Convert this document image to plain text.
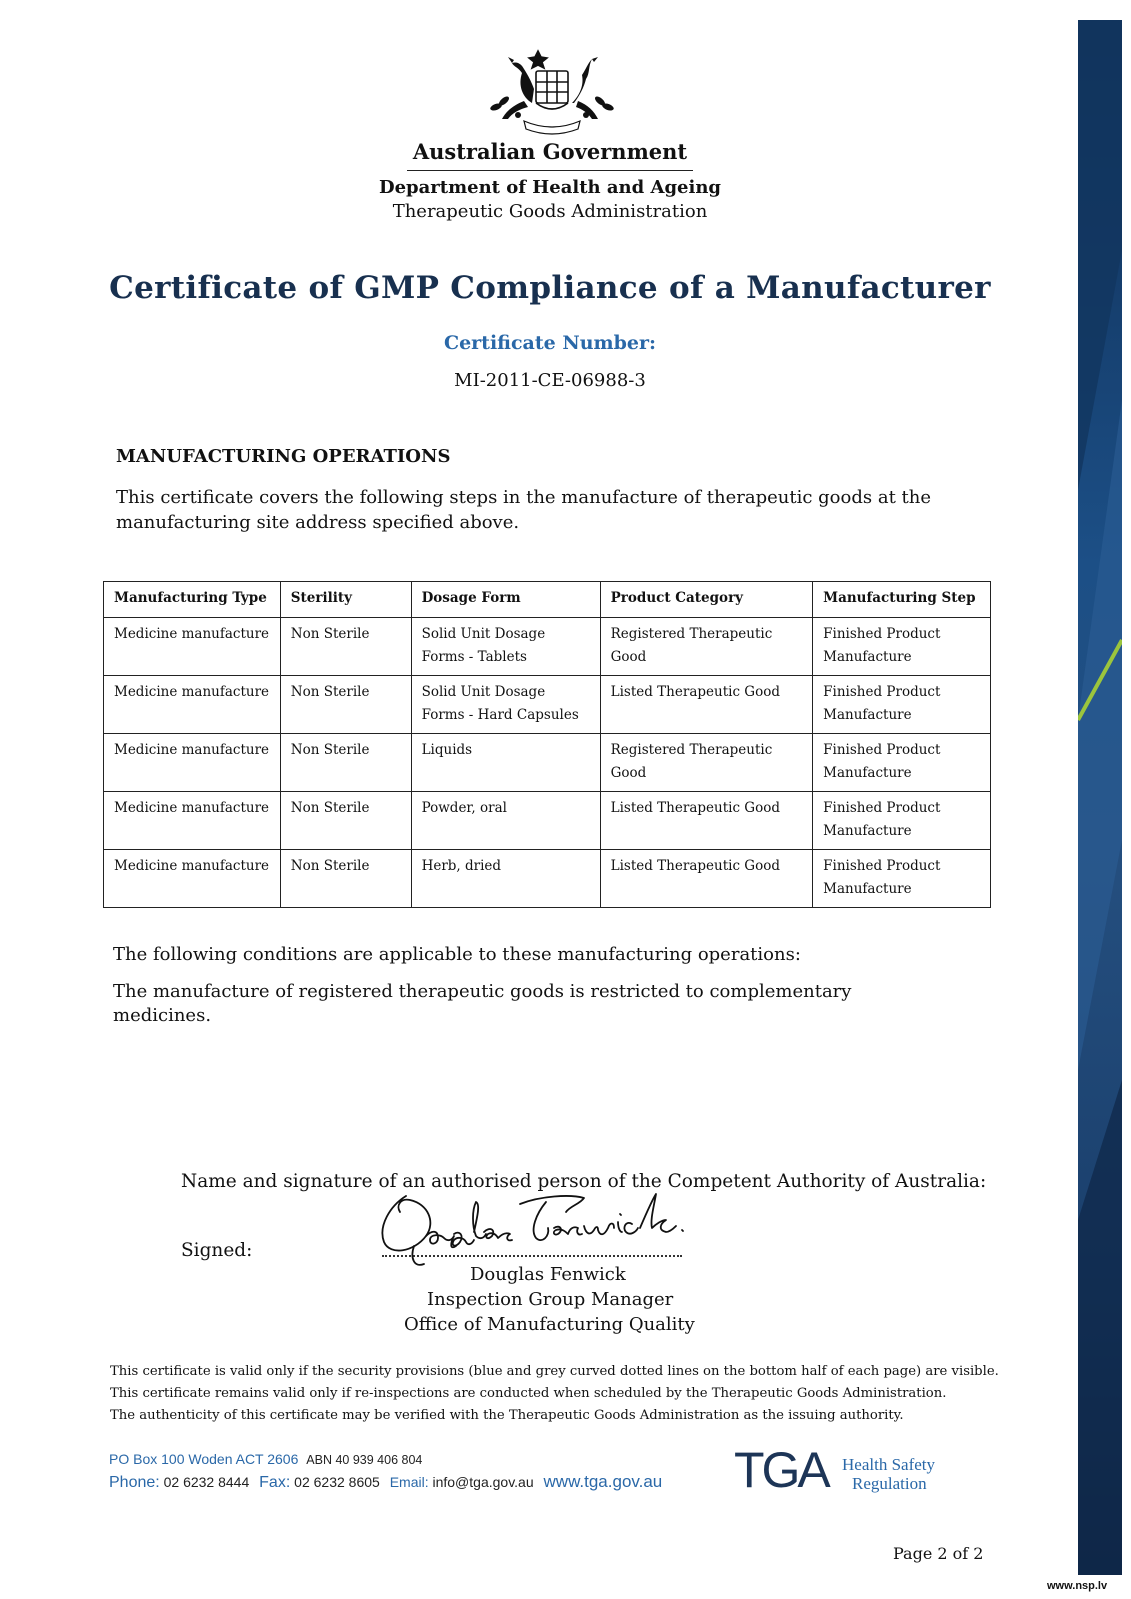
Australian Government
Department of Health and Ageing
Therapeutic Goods Administration
Certificate of GMP Compliance of a Manufacturer
Certificate Number:
MI-2011-CE-06988-3
MANUFACTURING OPERATIONS
This certificate covers the following steps in the manufacture of therapeutic goods at the manufacturing site address specified above.
Manufacturing Type	Sterility	Dosage Form	Product Category	Manufacturing Step
Medicine manufacture	Non Sterile	Solid Unit Dosage Forms - Tablets	Registered Therapeutic Good	Finished Product Manufacture
Medicine manufacture	Non Sterile	Solid Unit Dosage Forms - Hard Capsules	Listed Therapeutic Good	Finished Product Manufacture
Medicine manufacture	Non Sterile	Liquids	Registered Therapeutic Good	Finished Product Manufacture
Medicine manufacture	Non Sterile	Powder, oral	Listed Therapeutic Good	Finished Product Manufacture
Medicine manufacture	Non Sterile	Herb, dried	Listed Therapeutic Good	Finished Product Manufacture
The following conditions are applicable to these manufacturing operations:
The manufacture of registered therapeutic goods is restricted to complementary medicines.
Name and signature of an authorised person of the Competent Authority of Australia:
Signed:
Douglas Fenwick
Inspection Group Manager
Office of Manufacturing Quality
This certificate is valid only if the security provisions (blue and grey curved dotted lines on the bottom half of each page) are visible.
This certificate remains valid only if re-inspections are conducted when scheduled by the Therapeutic Goods Administration.
The authenticity of this certificate may be verified with the Therapeutic Goods Administration as the issuing authority.
PO Box 100 Woden ACT 2606 ABN 40 939 406 804
Phone: 02 6232 8444 Fax: 02 6232 8605 Email: info@tga.gov.au www.tga.gov.au TGA Health Safety
Regulation
Page 2 of 2
www.nsp.lv
